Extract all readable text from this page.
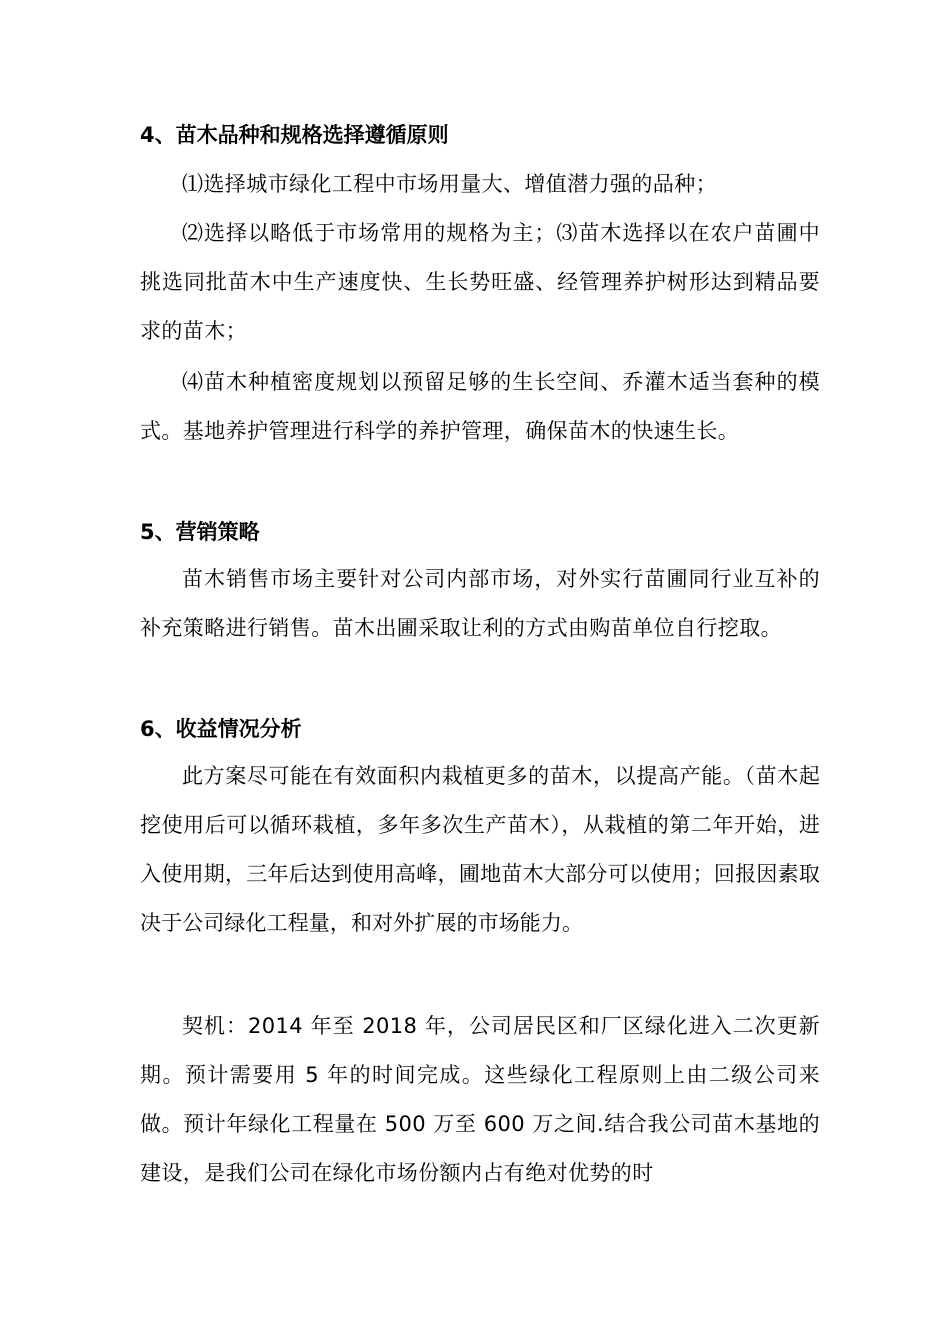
4、苗木品种和规格选择遵循原则
⑴选择城市绿化工程中市场用量大、增值潜力强的品种；
⑵选择以略低于市场常用的规格为主；⑶苗木选择以在农户苗圃中挑选同批苗木中生产速度快、生长势旺盛、经管理养护树形达到精品要求的苗木；
⑷苗木种植密度规划以预留足够的生长空间、乔灌木适当套种的模式。基地养护管理进行科学的养护管理，确保苗木的快速生长。
5、营销策略
苗木销售市场主要针对公司内部市场，对外实行苗圃同行业互补的补充策略进行销售。苗木出圃采取让利的方式由购苗单位自行挖取。
6、收益情况分析
此方案尽可能在有效面积内栽植更多的苗木，以提高产能。（苗木起挖使用后可以循环栽植，多年多次生产苗木），从栽植的第二年开始，进入使用期，三年后达到使用高峰，圃地苗木大部分可以使用；回报因素取决于公司绿化工程量，和对外扩展的市场能力。
契机：2014 年至 2018 年，公司居民区和厂区绿化进入二次更新期。预计需要用 5 年的时间完成。这些绿化工程原则上由二级公司来做。预计年绿化工程量在 500 万至 600 万之间.结合我公司苗木基地的建设，是我们公司在绿化市场份额内占有绝对优势的时
